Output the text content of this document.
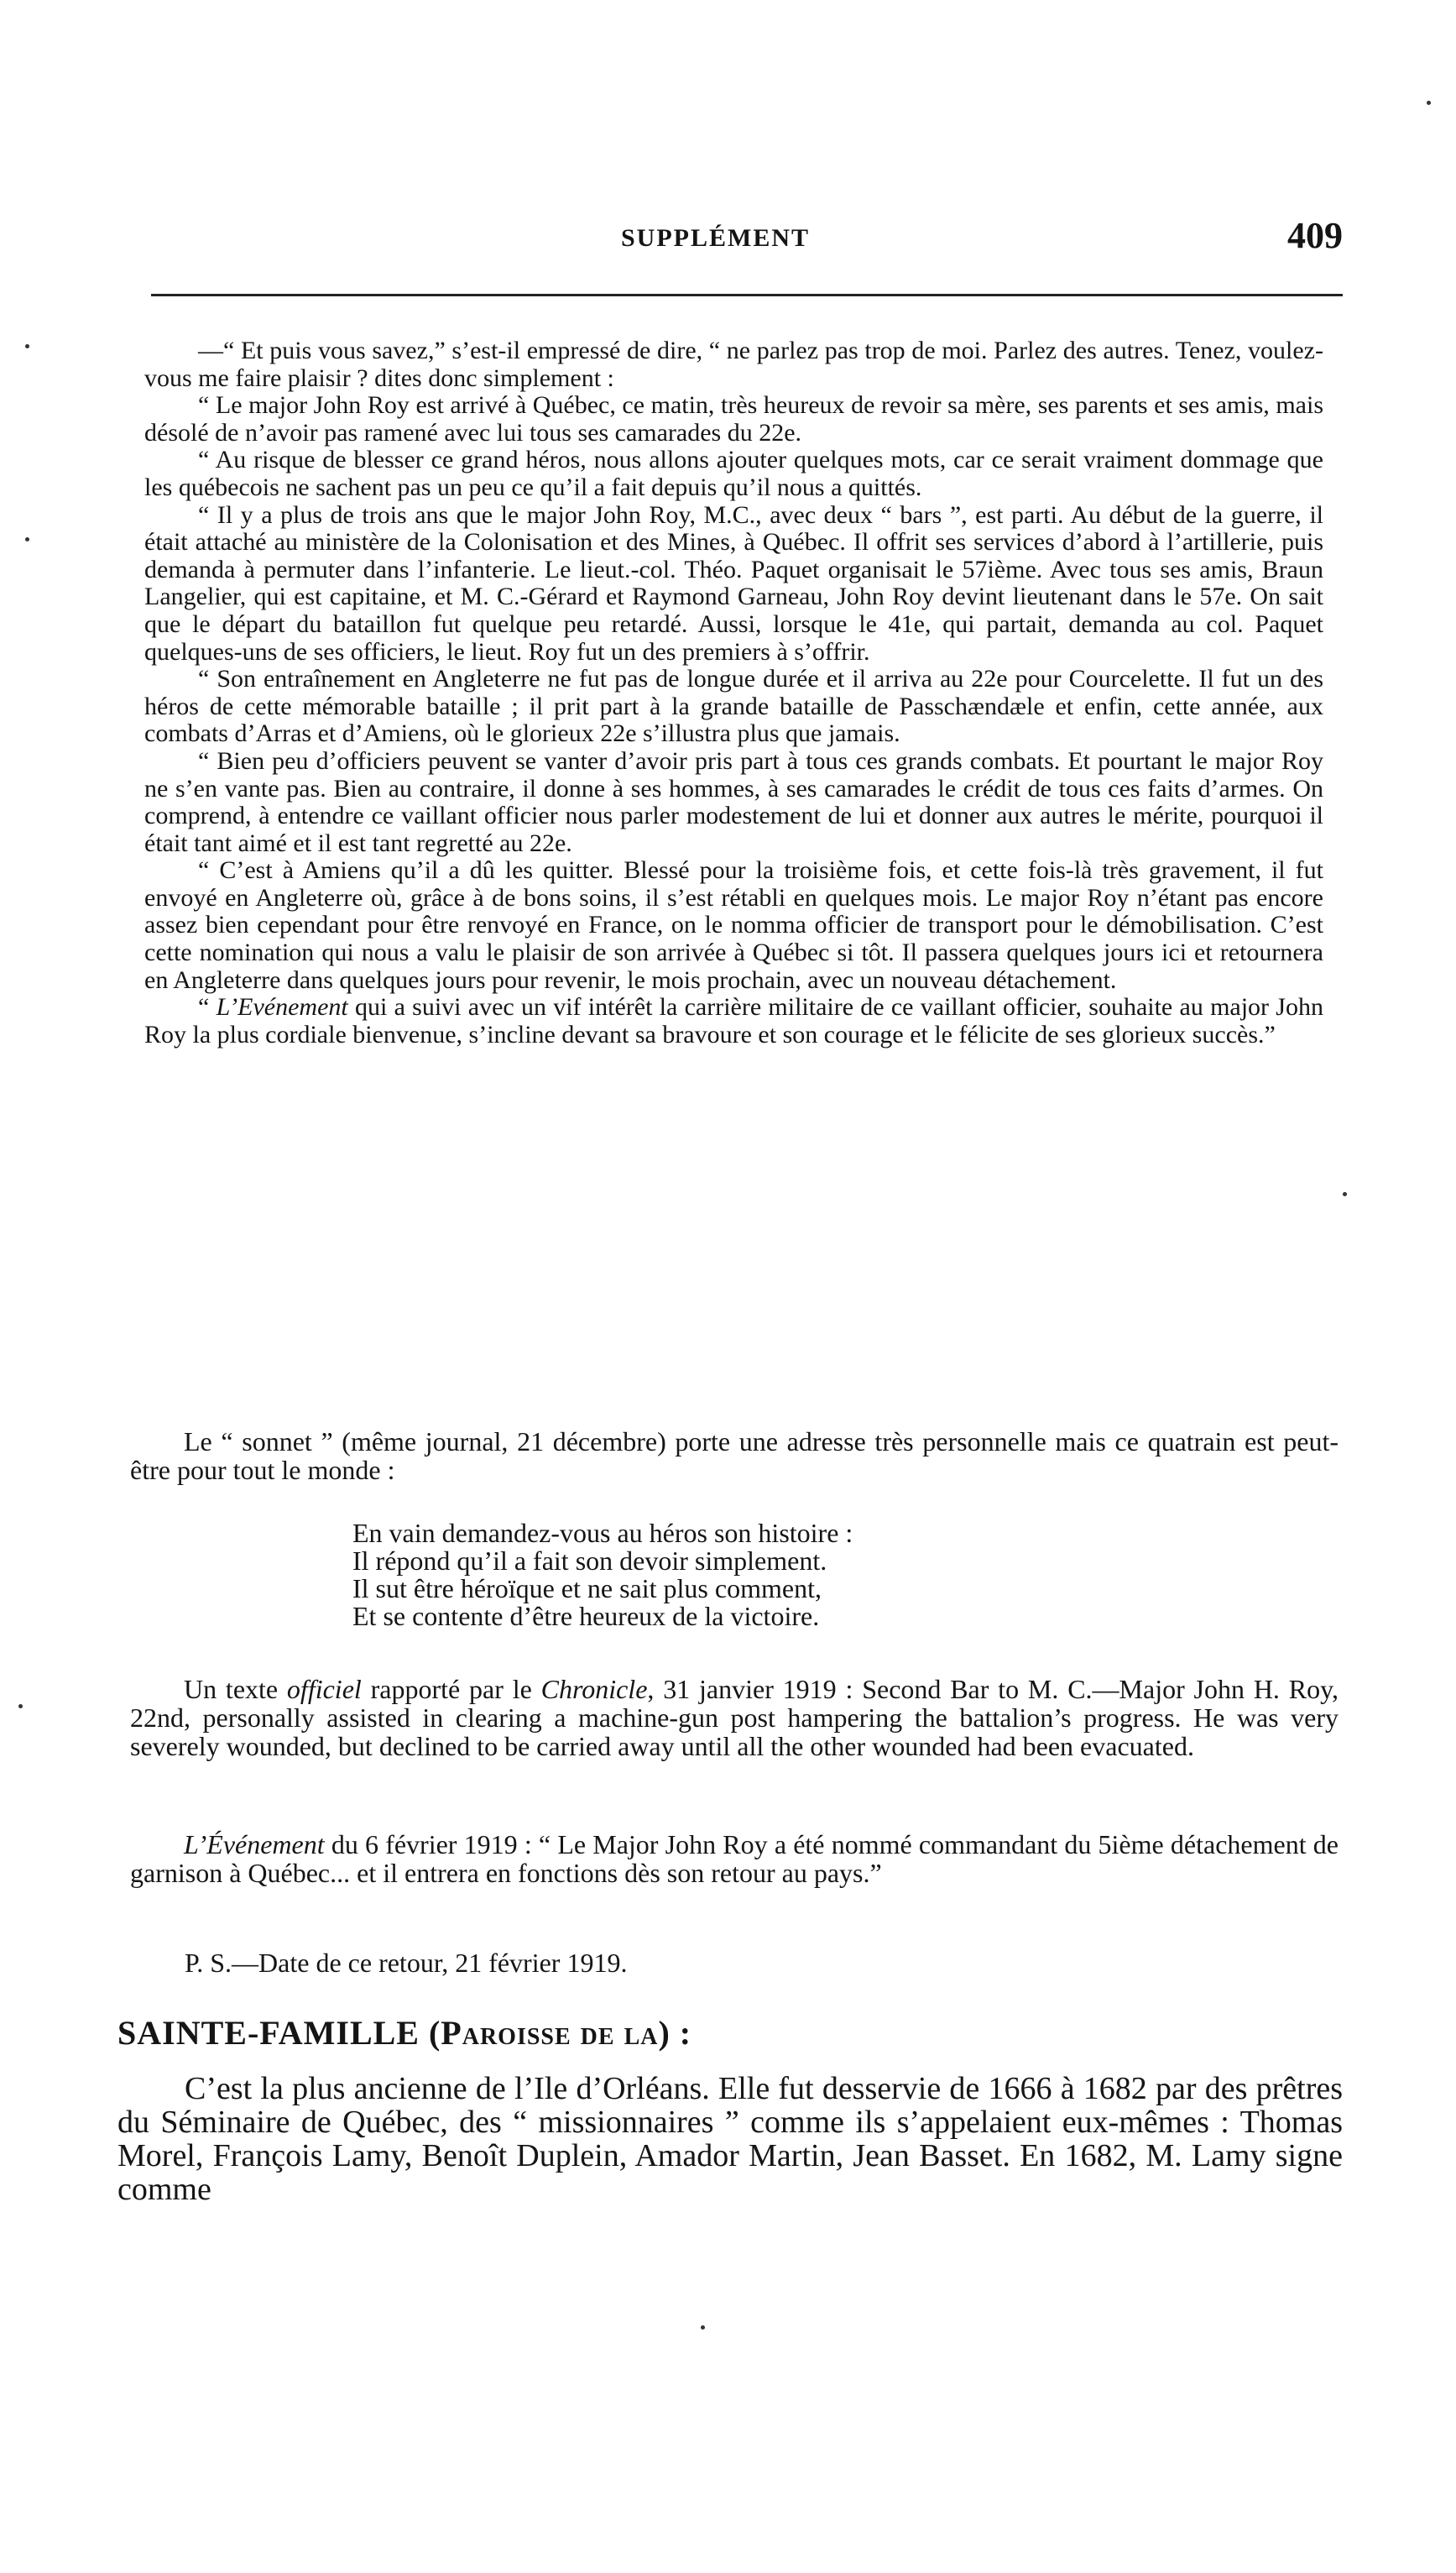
SUPPLÉMENT	409

—“ Et puis vous savez,” s’est-il empressé de dire, “ ne parlez pas trop de moi. Parlez des autres. Tenez, voulez-vous me faire plaisir ? dites donc simplement :

“ Le major John Roy est arrivé à Québec, ce matin, très heureux de revoir sa mère, ses parents et ses amis, mais désolé de n’avoir pas ramené avec lui tous ses camarades du 22e.

“ Au risque de blesser ce grand héros, nous allons ajouter quelques mots, car ce serait vraiment dommage que les québecois ne sachent pas un peu ce qu’il a fait depuis qu’il nous a quittés.

“ Il y a plus de trois ans que le major John Roy, M.C., avec deux “ bars ”, est parti. Au début de la guerre, il était attaché au ministère de la Colonisation et des Mines, à Québec. Il offrit ses services d’abord à l’artillerie, puis demanda à permuter dans l’infanterie. Le lieut.-col. Théo. Paquet organisait le 57ième. Avec tous ses amis, Braun Langelier, qui est capitaine, et M. C.-Gérard et Raymond Garneau, John Roy devint lieutenant dans le 57e. On sait que le départ du bataillon fut quelque peu retardé. Aussi, lorsque le 41e, qui partait, demanda au col. Paquet quelques-uns de ses officiers, le lieut. Roy fut un des premiers à s’offrir.

“ Son entraînement en Angleterre ne fut pas de longue durée et il arriva au 22e pour Courcelette. Il fut un des héros de cette mémorable bataille ; il prit part à la grande bataille de Passchændæle et enfin, cette année, aux combats d’Arras et d’Amiens, où le glorieux 22e s’illustra plus que jamais.

“ Bien peu d’officiers peuvent se vanter d’avoir pris part à tous ces grands combats. Et pourtant le major Roy ne s’en vante pas. Bien au contraire, il donne à ses hommes, à ses camarades le crédit de tous ces faits d’armes. On comprend, à entendre ce vaillant officier nous parler modestement de lui et donner aux autres le mérite, pourquoi il était tant aimé et il est tant regretté au 22e.

“ C’est à Amiens qu’il a dû les quitter. Blessé pour la troisième fois, et cette fois-là très gravement, il fut envoyé en Angleterre où, grâce à de bons soins, il s’est rétabli en quelques mois. Le major Roy n’étant pas encore assez bien cependant pour être renvoyé en France, on le nomma officier de transport pour le démobilisation. C’est cette nomination qui nous a valu le plaisir de son arrivée à Québec si tôt. Il passera quelques jours ici et retournera en Angleterre dans quelques jours pour revenir, le mois prochain, avec un nouveau détachement.

“ L’Evénement qui a suivi avec un vif intérêt la carrière militaire de ce vaillant officier, souhaite au major John Roy la plus cordiale bienvenue, s’incline devant sa bravoure et son courage et le félicite de ses glorieux succès.”

Le “ sonnet ” (même journal, 21 décembre) porte une adresse très personnelle mais ce quatrain est peut-être pour tout le monde :

En vain demandez-vous au héros son histoire :
Il répond qu’il a fait son devoir simplement.
Il sut être héroïque et ne sait plus comment,
Et se contente d’être heureux de la victoire.

Un texte officiel rapporté par le Chronicle, 31 janvier 1919 : Second Bar to M. C.—Major John H. Roy, 22nd, personally assisted in clearing a machine-gun post hampering the battalion’s progress. He was very severely wounded, but declined to be carried away until all the other wounded had been evacuated.

L’Événement du 6 février 1919 : “ Le Major John Roy a été nommé commandant du 5ième détachement de garnison à Québec... et il entrera en fonctions dès son retour au pays.”

P. S.—Date de ce retour, 21 février 1919.
SAINTE-FAMILLE (Paroisse de la) :

C’est la plus ancienne de l’Ile d’Orléans. Elle fut desservie de 1666 à 1682 par des prêtres du Séminaire de Québec, des “ missionnaires ” comme ils s’appelaient eux-mêmes : Thomas Morel, François Lamy, Benoît Duplein, Amador Martin, Jean Basset. En 1682, M. Lamy signe comme
